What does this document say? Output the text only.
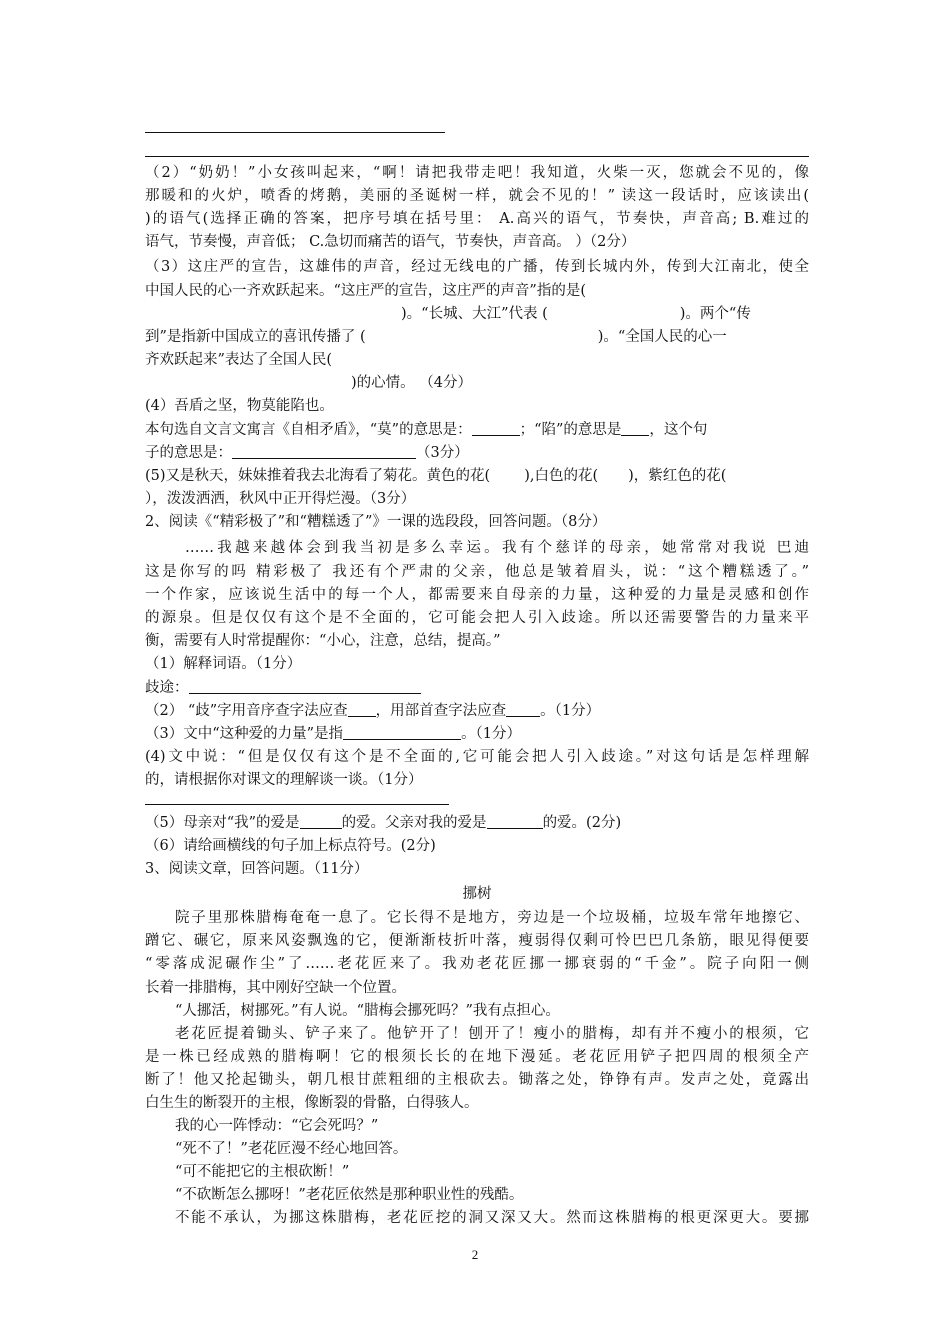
（2）“奶奶！”小女孩叫起来，“啊！请把我带走吧！我知道，火柴一灭，您就会不见的，像
那暖和的火炉，喷香的烤鹅，美丽的圣诞树一样，就会不见的！” 读这一段话时，应该读出(
)的语气(选择正确的答案，把序号填在括号里： A.高兴的语气，节奏快，声音高; B.难过的
语气，节奏慢，声音低； C.急切而痛苦的语气，节奏快，声音高。 ）（2分）
（3）这庄严的宣告，这雄伟的声音，经过无线电的广播，传到长城内外，传到大江南北，使全
中国人民的心一齐欢跃起来。“这庄严的宣告，这庄严的声音”指的是(
)。“长城、大江”代表 (	)。两个“传
到”是指新中国成立的喜讯传播了 (	)。“全国人民的心一
齐欢跃起来”表达了全国人民(
)的心情。 （4分）
(4）吾盾之坚，物莫能陷也。
本句选自文言文寓言《自相矛盾》，“莫”的意思是：	；“陷”的意思是 ，这个句
子的意思是：	（3分）
(5)又是秋天，妹妹推着我去北海看了菊花。黄色的花( ),白色的花( )，紫红色的花(
），泼泼洒洒，秋风中正开得烂漫。（3分）
2、阅读《“精彩极了”和“糟糕透了”》一课的选段段，回答问题。（8分）
……我越来越体会到我当初是多么幸运。我有个慈详的母亲，她常常对我说 巴迪
这是你写的吗 精彩极了 我还有个严肃的父亲，他总是皱着眉头，说：“这个糟糕透了。”
一个作家，应该说生活中的每一个人，都需要来自母亲的力量，这种爱的力量是灵感和创作
的源泉。但是仅仅有这个是不全面的，它可能会把人引入歧途。所以还需要警告的力量来平
衡，需要有人时常提醒你：“小心，注意，总结，提高。”
（1）解释词语。（1分）
歧途：
（2） “歧”字用音序查字法应查 ，用部首查字法应查 。（1分）
（3）文中“这种爱的力量”是指	。（1分）
(4)文中说：“但是仅仅有这个是不全面的,它可能会把人引入歧途。”对这句话是怎样理解
的，请根据你对课文的理解谈一谈。（1分）
（5）母亲对“我”的爱是	的爱。父亲对我的爱是	的爱。(2分)
（6）请给画横线的句子加上标点符号。(2分)
3、阅读文章，回答问题。（11分）
挪树
院子里那株腊梅奄奄一息了。它长得不是地方，旁边是一个垃圾桶，垃圾车常年地擦它、
蹭它、碾它，原来风姿飘逸的它，便渐渐枝折叶落，瘦弱得仅剩可怜巴巴几条筋，眼见得便要
“零落成泥碾作尘”了……老花匠来了。我劝老花匠挪一挪衰弱的“千金”。院子向阳一侧
长着一排腊梅，其中刚好空缺一个位置。
“人挪活，树挪死。”有人说。“腊梅会挪死吗？”我有点担心。
老花匠提着锄头、铲子来了。他铲开了！刨开了！瘦小的腊梅，却有并不瘦小的根须，它
是一株已经成熟的腊梅啊！它的根须长长的在地下漫延。老花匠用铲子把四周的根须全产
断了！他又抡起锄头，朝几根甘蔗粗细的主根砍去。锄落之处，铮铮有声。发声之处，竟露出
白生生的断裂开的主根，像断裂的骨骼，白得骇人。
我的心一阵悸动：“它会死吗？”
“死不了！”老花匠漫不经心地回答。
“可不能把它的主根砍断！”
“不砍断怎么挪呀！”老花匠依然是那种职业性的残酷。
不能不承认，为挪这株腊梅，老花匠挖的洞又深又大。然而这株腊梅的根更深更大。要挪
2
